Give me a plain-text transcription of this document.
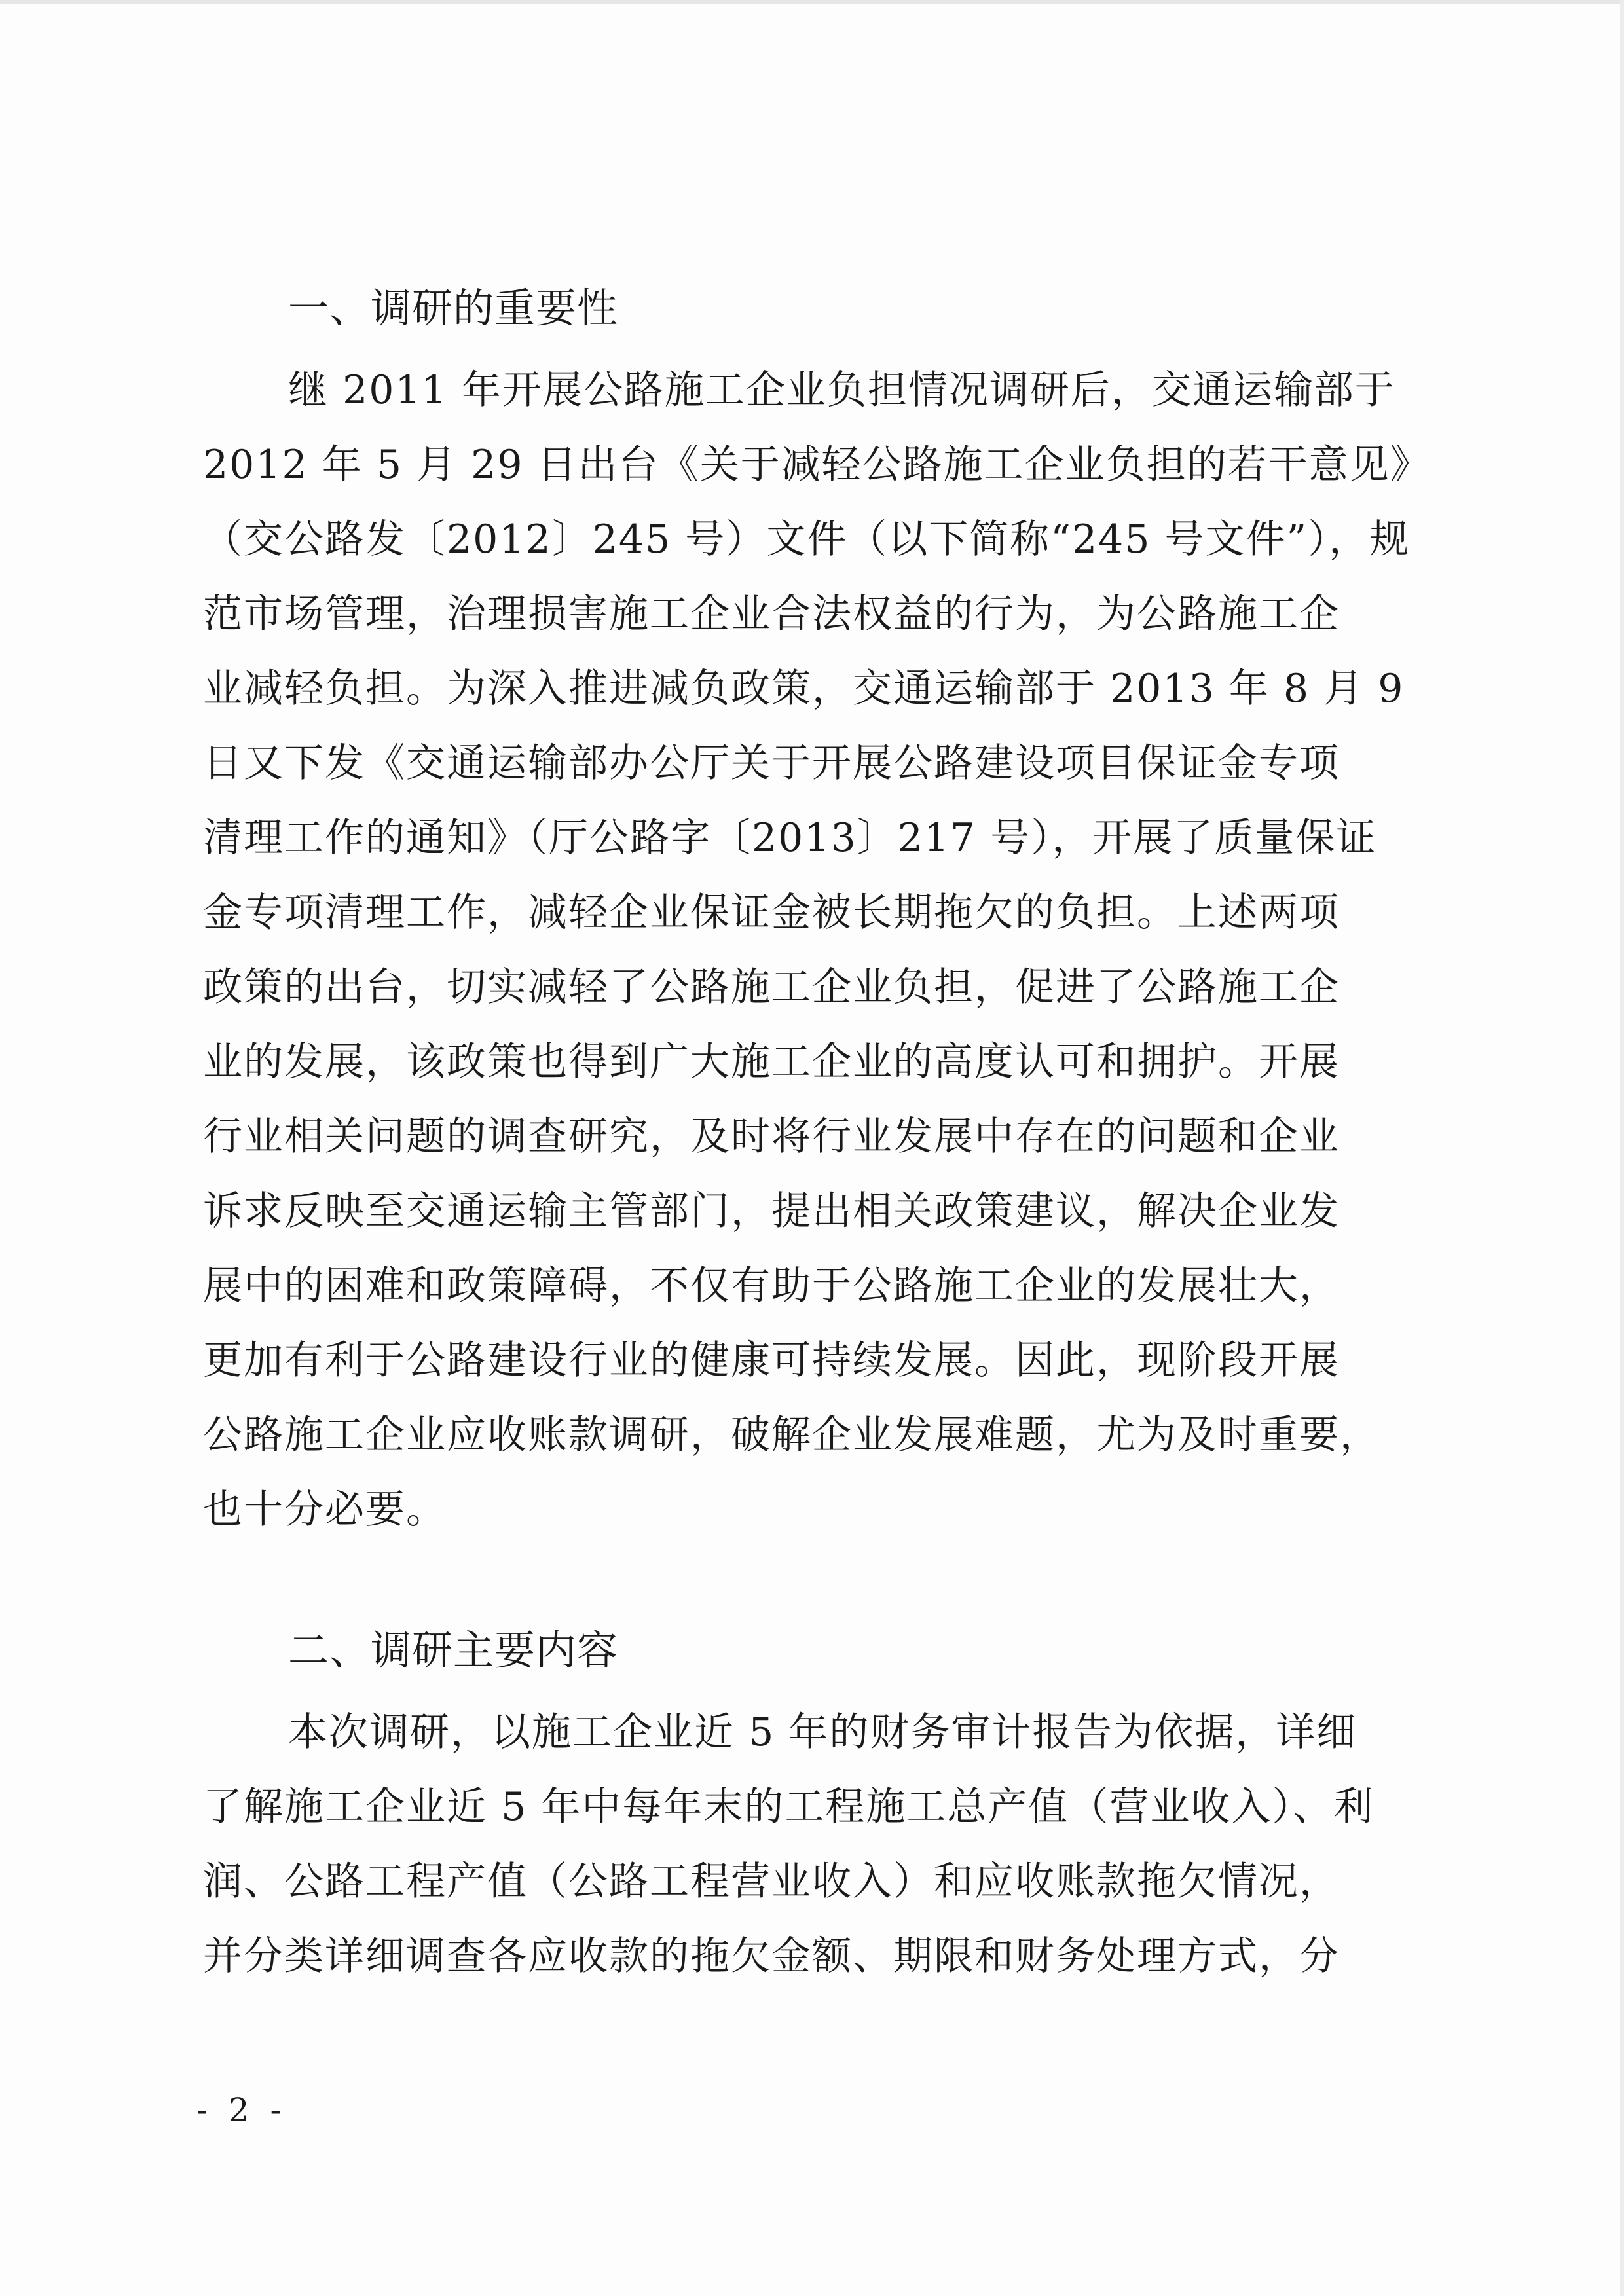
一、调研的重要性
继 2011 年开展公路施工企业负担情况调研后，交通运输部于
2012 年 5 月 29 日出台《关于减轻公路施工企业负担的若干意见》
（交公路发〔2012〕245 号）文件（以下简称“245 号文件”），规
范市场管理，治理损害施工企业合法权益的行为，为公路施工企
业减轻负担。为深入推进减负政策，交通运输部于 2013 年 8 月 9
日又下发《交通运输部办公厅关于开展公路建设项目保证金专项
清理工作的通知》（厅公路字〔2013〕217 号），开展了质量保证
金专项清理工作，减轻企业保证金被长期拖欠的负担。上述两项
政策的出台，切实减轻了公路施工企业负担，促进了公路施工企
业的发展，该政策也得到广大施工企业的高度认可和拥护。开展
行业相关问题的调查研究，及时将行业发展中存在的问题和企业
诉求反映至交通运输主管部门，提出相关政策建议，解决企业发
展中的困难和政策障碍，不仅有助于公路施工企业的发展壮大，
更加有利于公路建设行业的健康可持续发展。因此，现阶段开展
公路施工企业应收账款调研，破解企业发展难题，尤为及时重要，
也十分必要。
二、调研主要内容
本次调研，以施工企业近 5 年的财务审计报告为依据，详细
了解施工企业近 5 年中每年末的工程施工总产值（营业收入）、利
润、公路工程产值（公路工程营业收入）和应收账款拖欠情况，
并分类详细调查各应收款的拖欠金额、期限和财务处理方式，分
- 2 -
